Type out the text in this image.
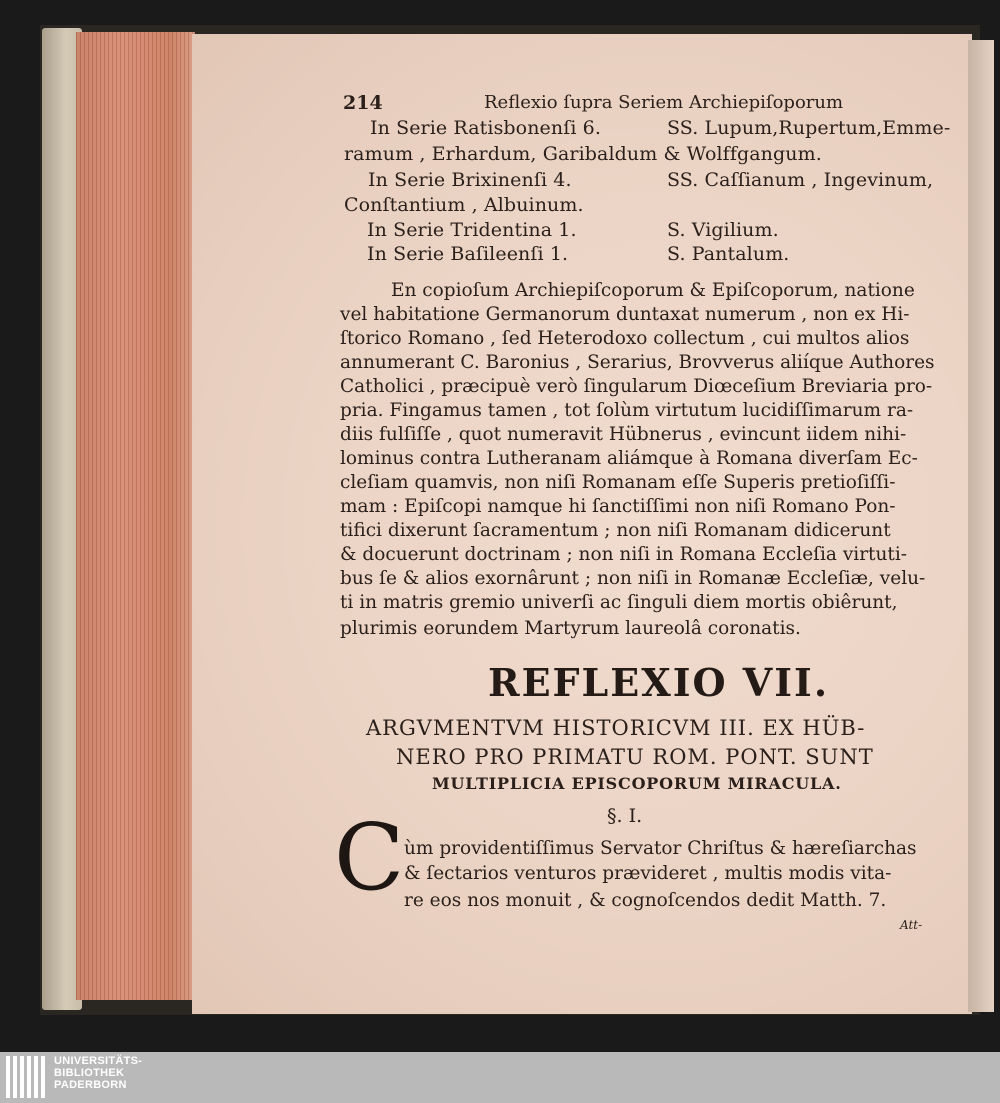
214	Reflexio ſupra Seriem Archiepiſoporum
In Serie Ratisbonenſi 6.	SS. Lupum,Rupertum,Emme-
ramum , Erhardum, Garibaldum & Wolffgangum.
In Serie Brixinenſi 4.	SS. Caſſianum , Ingevinum,
Conſtantium , Albuinum.
In Serie Tridentina 1.	S. Vigilium.
In Serie Baſileenſi 1.	S. Pantalum.
En copioſum Archiepiſcoporum & Epiſcoporum, natione
vel habitatione Germanorum duntaxat numerum , non ex Hi-
ſtorico Romano , ſed Heterodoxo collectum , cui multos alios
annumerant C. Baronius , Serarius, Brovverus aliíque Authores
Catholici , præcipuè verò ſingularum Diœceſium Breviaria pro-
pria. Fingamus tamen , tot ſolùm virtutum lucidiſſimarum ra-
diis fulſiſſe , quot numeravit Hübnerus , evincunt iidem nihi-
lominus contra Lutheranam aliámque à Romana diverſam Ec-
cleſiam quamvis, non niſi Romanam eſſe Superis pretioſiſſi-
mam : Epiſcopi namque hi ſanctiſſimi non niſi Romano Pon-
tifici dixerunt ſacramentum ; non niſi Romanam didicerunt
& docuerunt doctrinam ; non niſi in Romana Eccleſia virtuti-
bus ſe & alios exornârunt ; non niſi in Romanæ Eccleſiæ, velu-
ti in matris gremio univerſi ac ſinguli diem mortis obiêrunt,
plurimis eorundem Martyrum laureolâ coronatis.
REFLEXIO VII.
ARGVMENTVM HISTORICVM III. EX HÜB-
NERO PRO PRIMATU ROM. PONT. SUNT
MULTIPLICIA EPISCOPORUM MIRACULA.
§. I.
C ùm providentiſſimus Servator Chriſtus & hæreſiarchas
& ſectarios venturos prævideret , multis modis vita-
re eos nos monuit , & cognoſcendos dedit Matth. 7.
Att-
UNIVERSITÄTS-
BIBLIOTHEK
PADERBORN
